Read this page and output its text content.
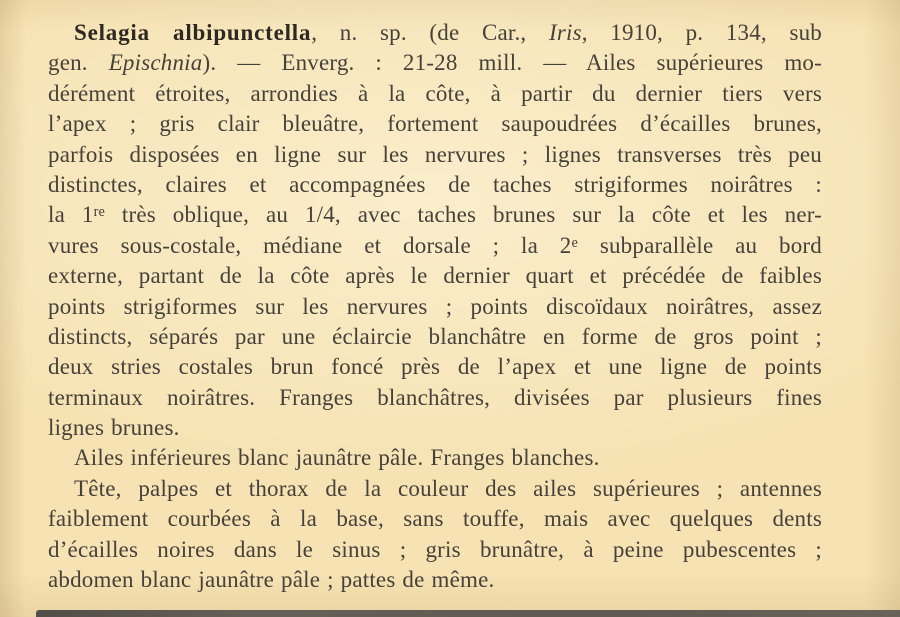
Selagia albipunctella, n. sp. (de Car., Iris, 1910, p. 134, sub
gen. Epischnia). — Enverg. : 21-28 mill. — Ailes supérieures mo-
dérément étroites, arrondies à la côte, à partir du dernier tiers vers
l’apex ; gris clair bleuâtre, fortement saupoudrées d’écailles brunes,
parfois disposées en ligne sur les nervures ; lignes transverses très peu
distinctes, claires et accompagnées de taches strigiformes noirâtres :
la 1re très oblique, au 1/4, avec taches brunes sur la côte et les ner-
vures sous-costale, médiane et dorsale ; la 2e subparallèle au bord
externe, partant de la côte après le dernier quart et précédée de faibles
points strigiformes sur les nervures ; points discoïdaux noirâtres, assez
distincts, séparés par une éclaircie blanchâtre en forme de gros point ;
deux stries costales brun foncé près de l’apex et une ligne de points
terminaux noirâtres. Franges blanchâtres, divisées par plusieurs fines
lignes brunes.
Ailes inférieures blanc jaunâtre pâle. Franges blanches.
Tête, palpes et thorax de la couleur des ailes supérieures ; antennes
faiblement courbées à la base, sans touffe, mais avec quelques dents
d’écailles noires dans le sinus ; gris brunâtre, à peine pubescentes ;
abdomen blanc jaunâtre pâle ; pattes de même.
